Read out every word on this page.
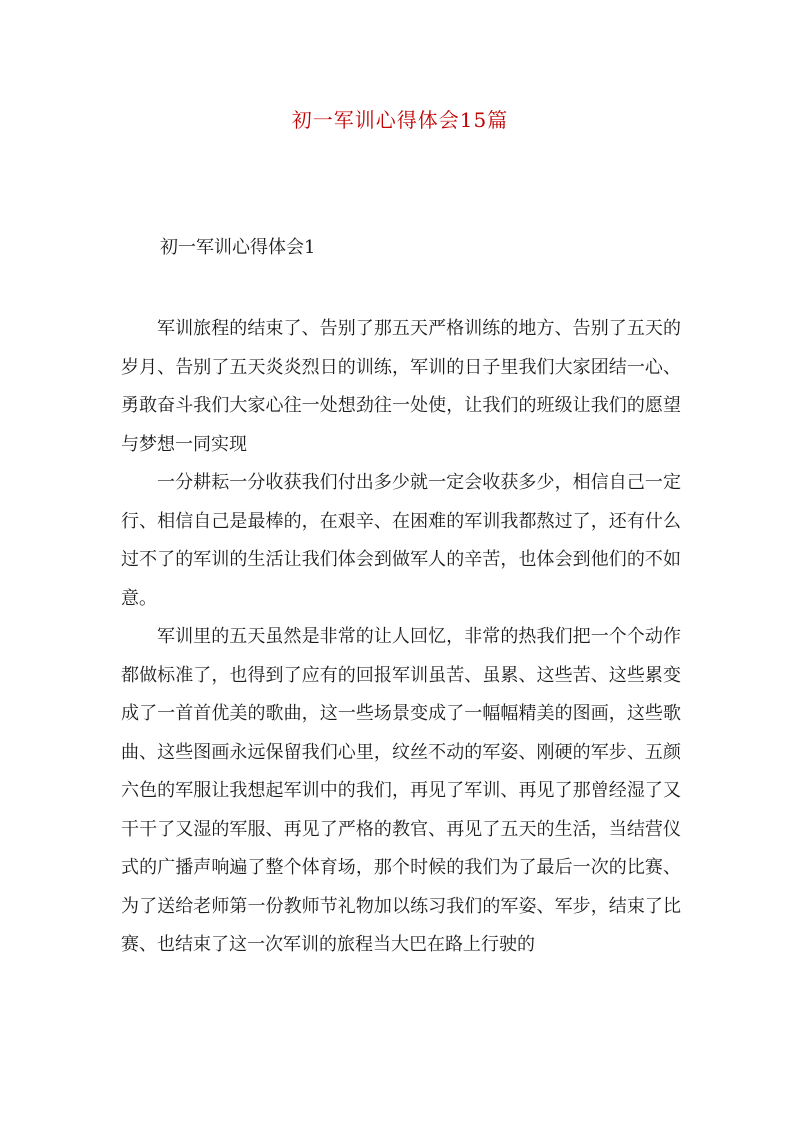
初一军训心得体会15篇
初一军训心得体会1

军训旅程的结束了、告别了那五天严格训练的地方、告别了五天的岁月、告别了五天炎炎烈日的训练，军训的日子里我们大家团结一心、勇敢奋斗我们大家心往一处想劲往一处使，让我们的班级让我们的愿望与梦想一同实现

一分耕耘一分收获我们付出多少就一定会收获多少，相信自己一定行、相信自己是最棒的，在艰辛、在困难的军训我都熬过了，还有什么过不了的军训的生活让我们体会到做军人的辛苦，也体会到他们的不如意。

军训里的五天虽然是非常的让人回忆，非常的热我们把一个个动作都做标准了，也得到了应有的回报军训虽苦、虽累、这些苦、这些累变成了一首首优美的歌曲，这一些场景变成了一幅幅精美的图画，这些歌曲、这些图画永远保留我们心里，纹丝不动的军姿、刚硬的军步、五颜六色的军服让我想起军训中的我们，再见了军训、再见了那曾经湿了又干干了又湿的军服、再见了严格的教官、再见了五天的生活，当结营仪式的广播声响遍了整个体育场，那个时候的我们为了最后一次的比赛、为了送给老师第一份教师节礼物加以练习我们的军姿、军步，结束了比赛、也结束了这一次军训的旅程当大巴在路上行驶的
